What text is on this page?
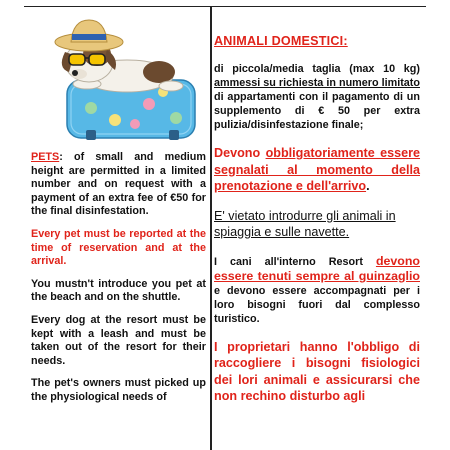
PETS: of small and medium height are permitted in a limited number and on request with a payment of an extra fee of €50 for the final disinfestation.

Every pet must be reported at the time of reservation and at the arrival.

You mustn't introduce you pet at the beach and on the shuttle.

Every dog at the resort must be kept with a leash and must be taken out of the resort for their needs.

The pet's owners must picked up the physiological needs of

ANIMALI DOMESTICI:

di piccola/media taglia (max 10 kg) ammessi su richiesta in numero limitato di appartamenti con il pagamento di un supplemento di € 50 per extra pulizia/disinfestazione finale;

Devono obbligatoriamente essere segnalati al momento della prenotazione e dell'arrivo.

E' vietato introdurre gli animali in spiaggia e sulle navette.

I cani all'interno Resort devono essere tenuti sempre al guinzaglio e devono essere accompagnati per i loro bisogni fuori dal complesso turistico.

I proprietari hanno l'obbligo di raccogliere i bisogni fisiologici dei lori animali e assicurarsi che non rechino disturbo agli
